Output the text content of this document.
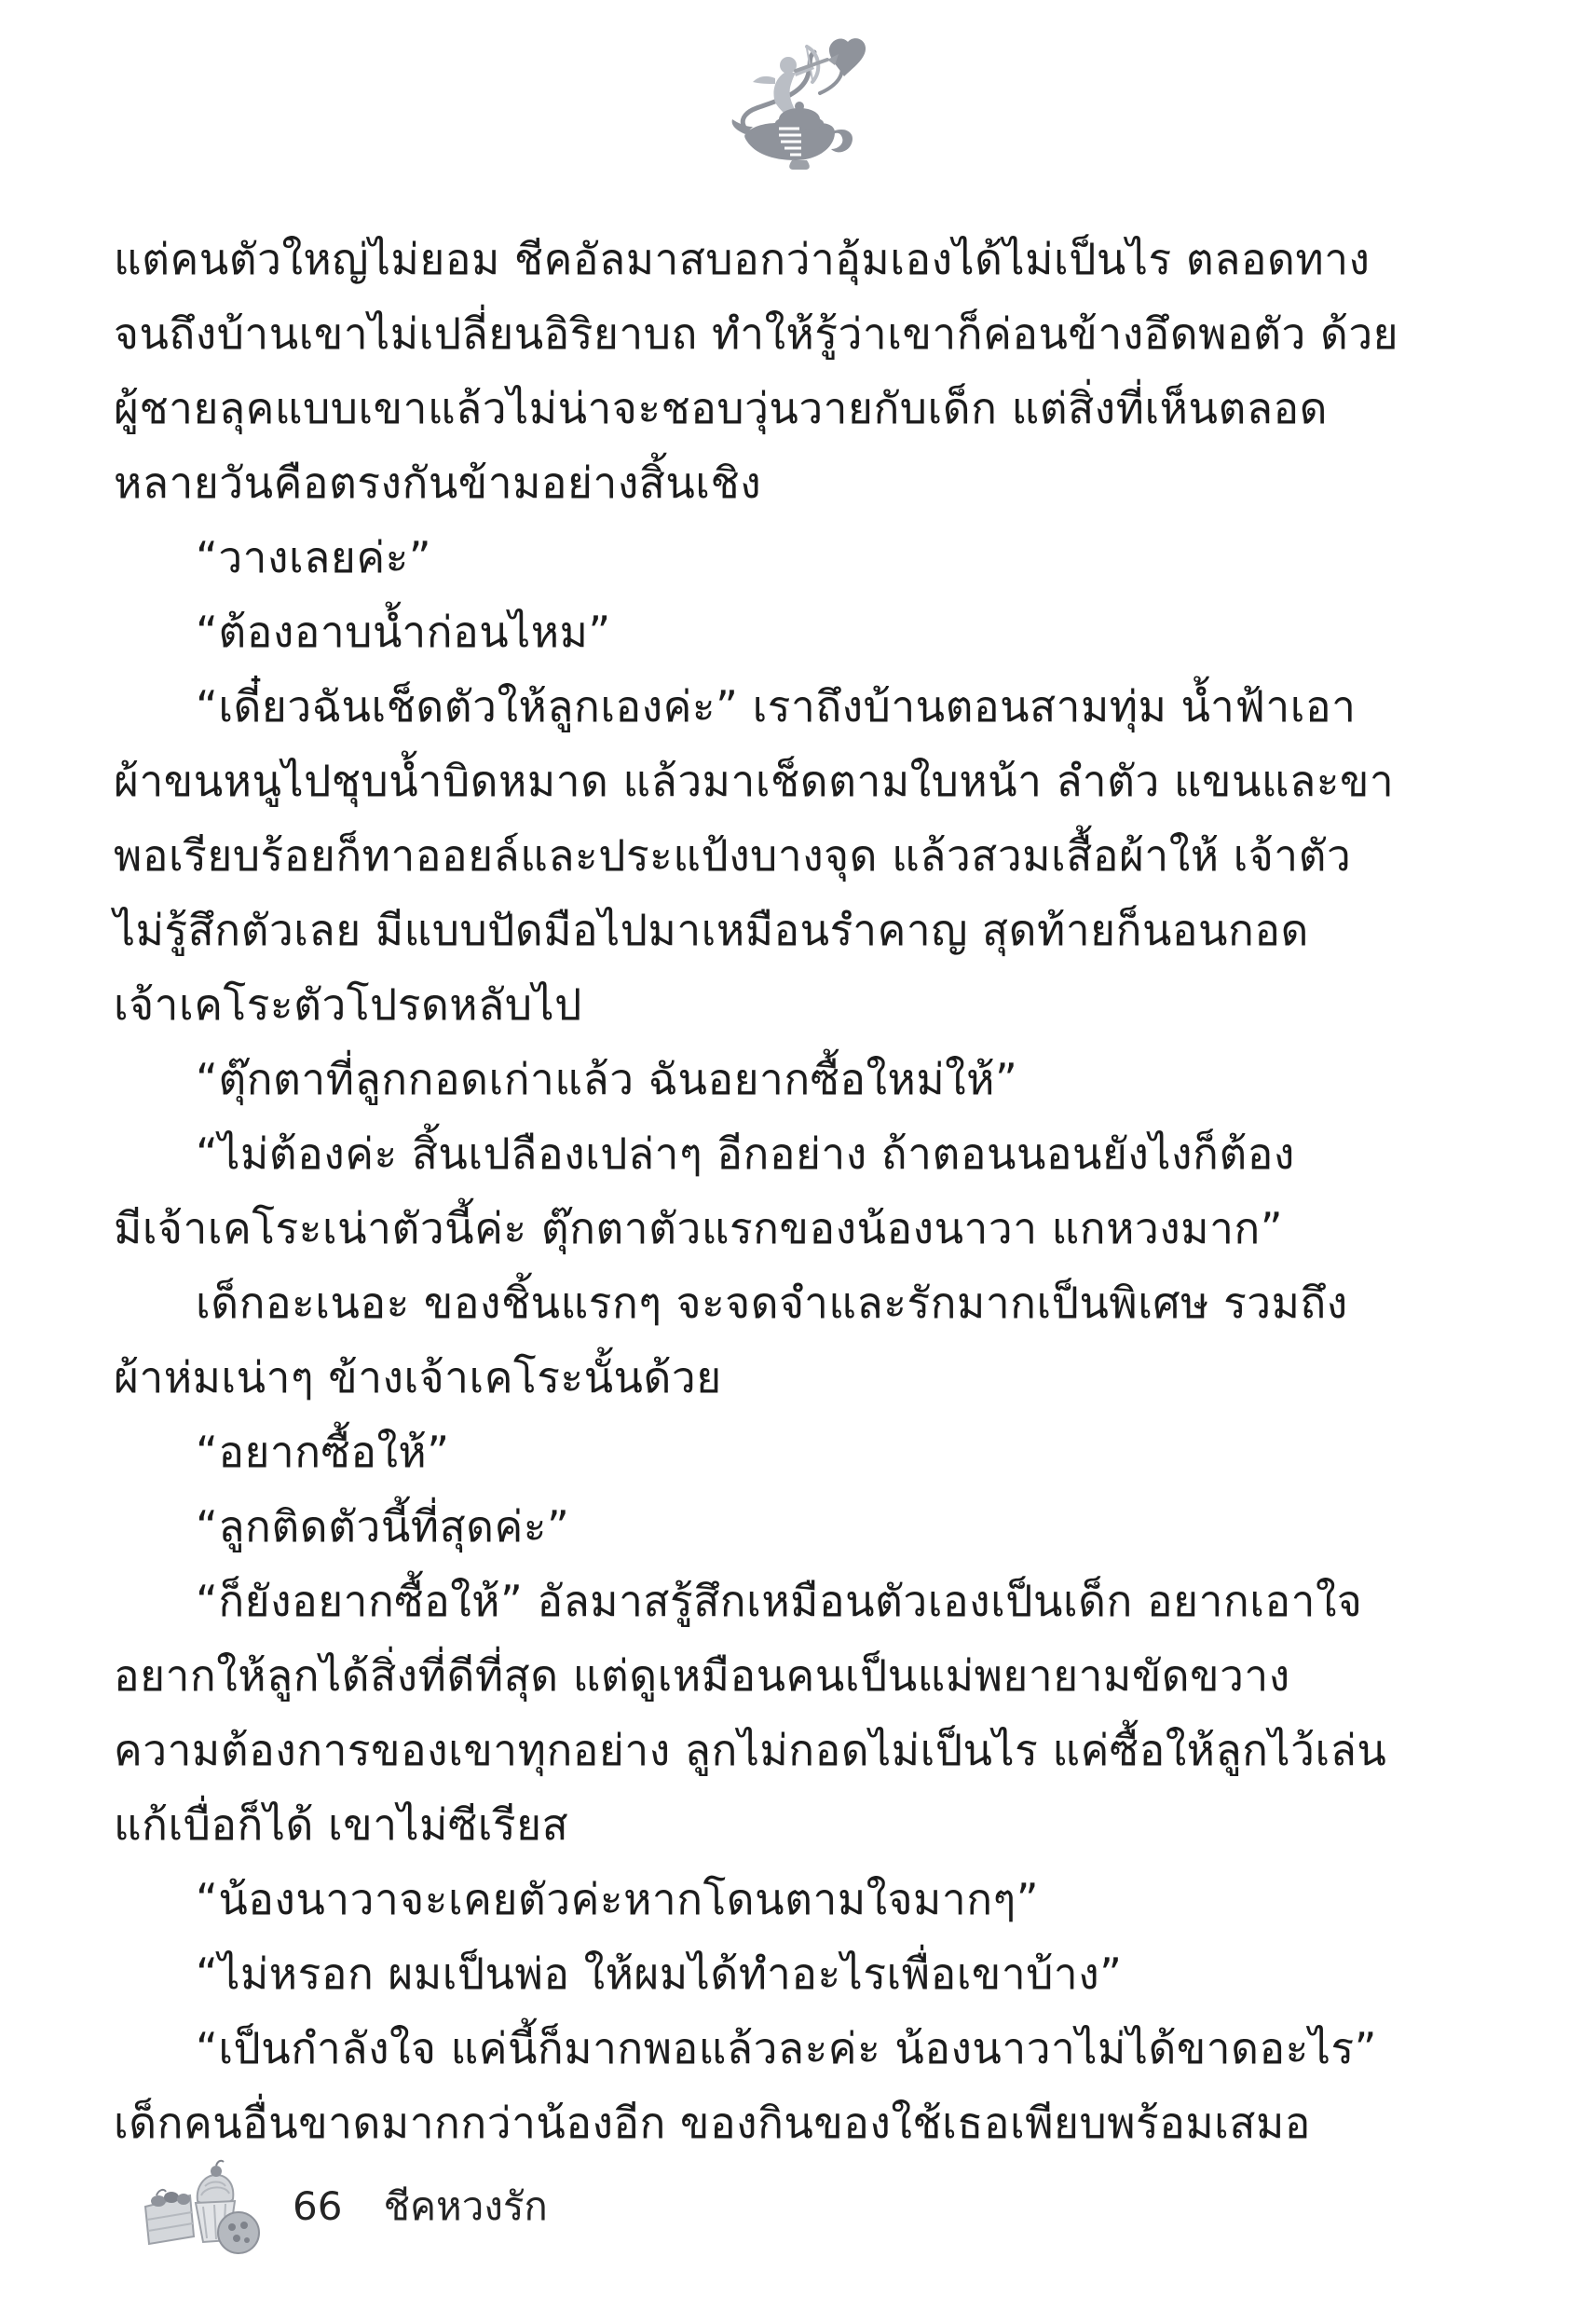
แต่คนตัวใหญ่ไม่ยอม ชีคอัลมาสบอกว่าอุ้มเองได้ไม่เป็นไร ตลอดทาง
จนถึงบ้านเขาไม่เปลี่ยนอิริยาบถ ทำให้รู้ว่าเขาก็ค่อนข้างอึดพอตัว ด้วย
ผู้ชายลุคแบบเขาแล้วไม่น่าจะชอบวุ่นวายกับเด็ก แต่สิ่งที่เห็นตลอด
หลายวันคือตรงกันข้ามอย่างสิ้นเชิง
“วางเลยค่ะ”
“ต้องอาบน้ำก่อนไหม”
“เดี๋ยวฉันเช็ดตัวให้ลูกเองค่ะ” เราถึงบ้านตอนสามทุ่ม น้ำฟ้าเอา
ผ้าขนหนูไปชุบน้ำบิดหมาด แล้วมาเช็ดตามใบหน้า ลำตัว แขนและขา
พอเรียบร้อยก็ทาออยล์และประแป้งบางจุด แล้วสวมเสื้อผ้าให้ เจ้าตัว
ไม่รู้สึกตัวเลย มีแบบปัดมือไปมาเหมือนรำคาญ สุดท้ายก็นอนกอด
เจ้าเคโระตัวโปรดหลับไป
“ตุ๊กตาที่ลูกกอดเก่าแล้ว ฉันอยากซื้อใหม่ให้”
“ไม่ต้องค่ะ สิ้นเปลืองเปล่าๆ อีกอย่าง ถ้าตอนนอนยังไงก็ต้อง
มีเจ้าเคโระเน่าตัวนี้ค่ะ ตุ๊กตาตัวแรกของน้องนาวา แกหวงมาก”
เด็กอะเนอะ ของชิ้นแรกๆ จะจดจำและรักมากเป็นพิเศษ รวมถึง
ผ้าห่มเน่าๆ ข้างเจ้าเคโระนั้นด้วย
“อยากซื้อให้”
“ลูกติดตัวนี้ที่สุดค่ะ”
“ก็ยังอยากซื้อให้” อัลมาสรู้สึกเหมือนตัวเองเป็นเด็ก อยากเอาใจ
อยากให้ลูกได้สิ่งที่ดีที่สุด แต่ดูเหมือนคนเป็นแม่พยายามขัดขวาง
ความต้องการของเขาทุกอย่าง ลูกไม่กอดไม่เป็นไร แค่ซื้อให้ลูกไว้เล่น
แก้เบื่อก็ได้ เขาไม่ซีเรียส
“น้องนาวาจะเคยตัวค่ะหากโดนตามใจมากๆ”
“ไม่หรอก ผมเป็นพ่อ ให้ผมได้ทำอะไรเพื่อเขาบ้าง”
“เป็นกำลังใจ แค่นี้ก็มากพอแล้วละค่ะ น้องนาวาไม่ได้ขาดอะไร”
เด็กคนอื่นขาดมากกว่าน้องอีก ของกินของใช้เธอเพียบพร้อมเสมอ
66 ชีคหวงรัก
